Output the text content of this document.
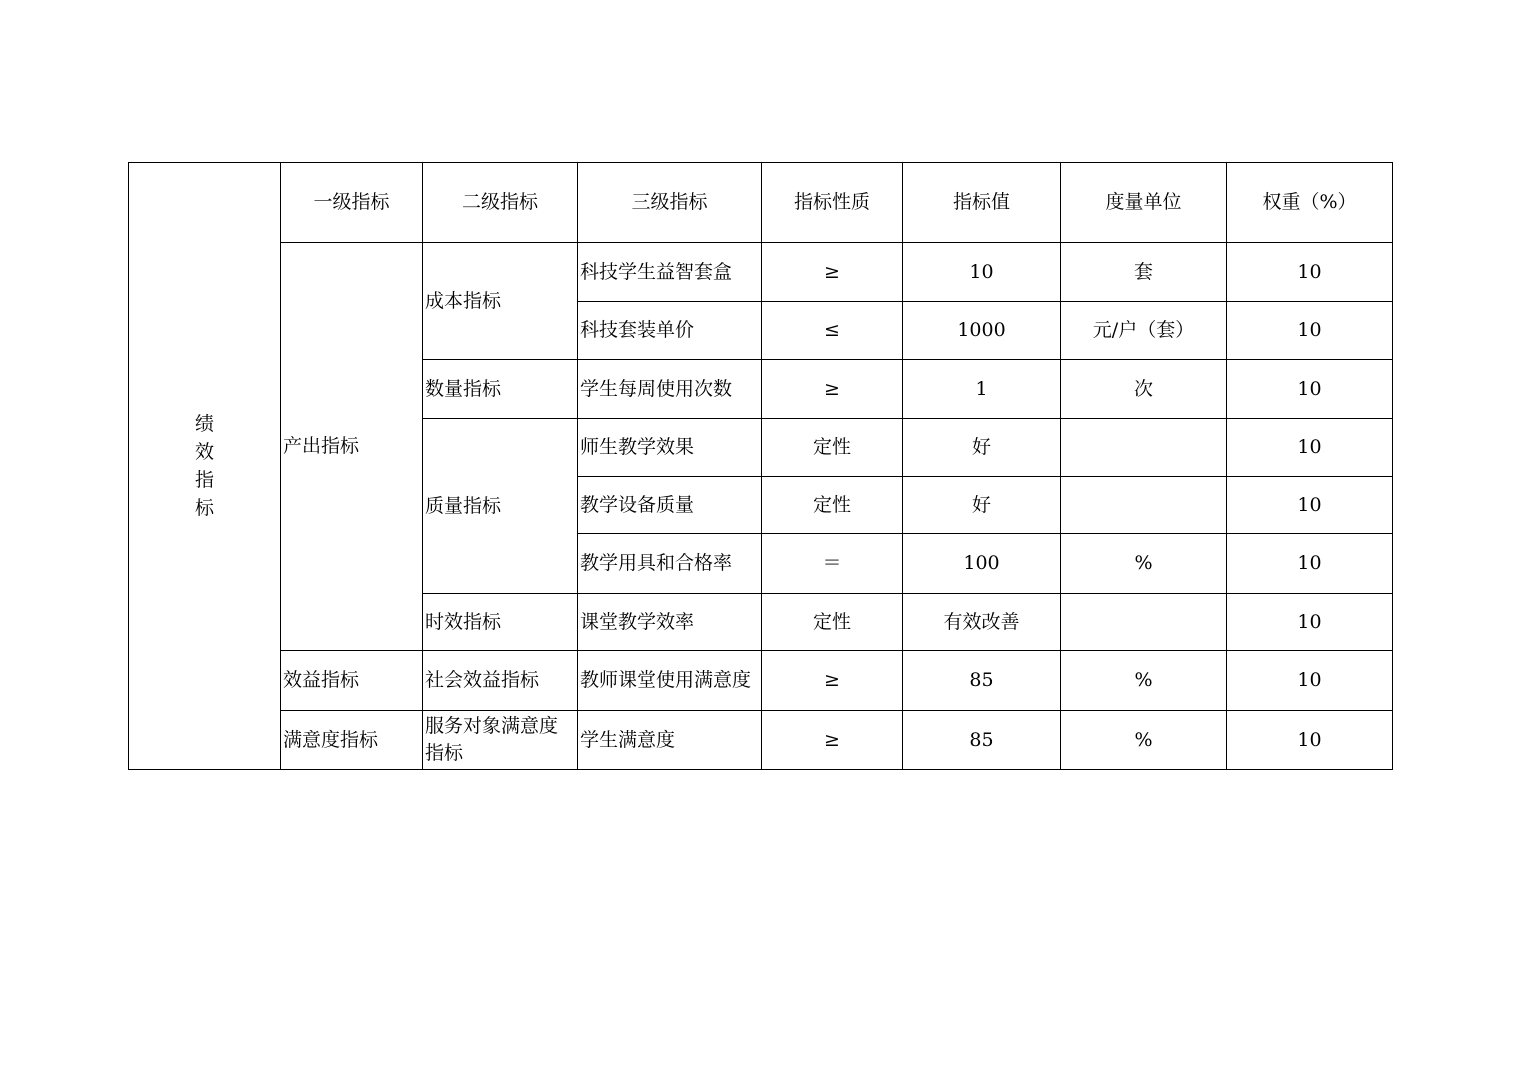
绩效指标	一级指标	二级指标	三级指标	指标性质	指标值	度量单位	权重（%）
	产出指标	成本指标	科技学生益智套盒	≥	10	套	10
			科技套装单价	≤	1000	元/户（套）	10
		数量指标	学生每周使用次数	≥	1	次	10
		质量指标	师生教学效果	定性	好		10
			教学设备质量	定性	好		10
			教学用具和合格率	＝	100	%	10
		时效指标	课堂教学效率	定性	有效改善		10
	效益指标	社会效益指标	教师课堂使用满意度	≥	85	%	10
	满意度指标	服务对象满意度指标	学生满意度	≥	85	%	10
